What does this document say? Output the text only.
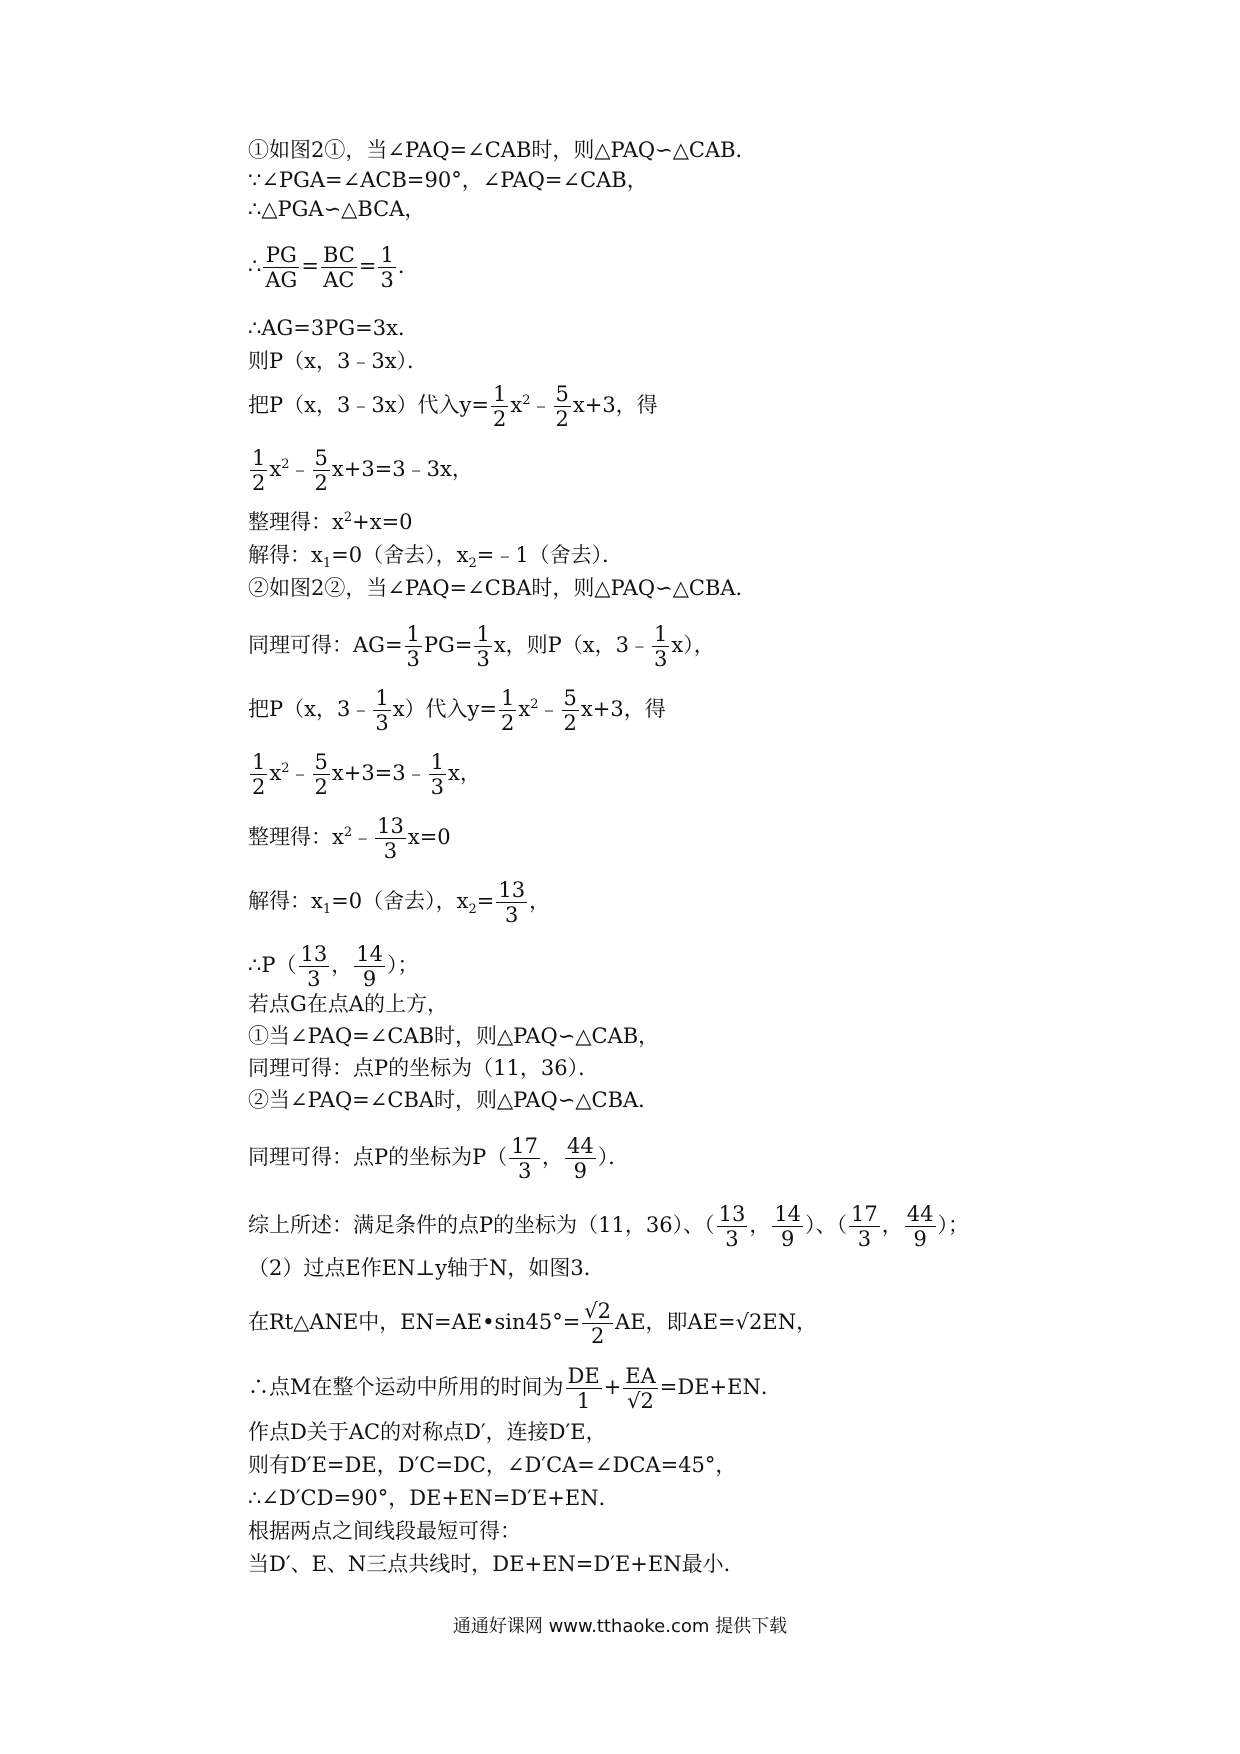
①如图2①，当∠PAQ=∠CAB时，则△PAQ∽△CAB．
∵∠PGA=∠ACB=90°，∠PAQ=∠CAB，
∴△PGA∽△BCA，
∴ $\frac{PG}{AG} = \frac{BC}{AC} = \frac{1}{3}$ ．
∴AG=3PG=3x．
则P（x，3﹣3x）．
把P（x，3﹣3x）代入$y= \frac{1}{2}$ $x^2﹣ \frac{5}{2} x+3$，得
$\frac{1}{2}$ $x^2﹣ \frac{5}{2}$ x+3=3﹣3x，
整理得：$x^2+x=0$
解得：$x_1=0$（舍去），$x_2=﹣1$（舍去）．
②如图2②，当∠PAQ=∠CBA时，则△PAQ∽△CBA．
同理可得：$AG= \frac{1}{3} PG= \frac{1}{3}$ x，则P（x，3﹣ $\frac{1}{3} x$），
把P（x，3﹣ $\frac{1}{3} x$）代入$y= \frac{1}{2}$ $x^2﹣ \frac{5}{2} x+3$，得
$\frac{1}{2}$ $x^2﹣ \frac{5}{2}$ x+3=3﹣ $\frac{1}{3}$ x，
整理得：$x^2﹣ \frac{13}{3} x=0$
解得：$x_1=0$（舍去），$x_2= \frac{13}{3}$ ，
∴P（ $\frac{13}{3}$ ， $\frac{14}{9}$ ）；
若点G在点A的上方，
①当∠PAQ=∠CAB时，则△PAQ∽△CAB，
同理可得：点P的坐标为（11，36）．
②当∠PAQ=∠CBA时，则△PAQ∽△CBA．
同理可得：点P的坐标为$P( \frac{17}{3}$ ， $\frac{44}{9}$ ）．
综上所述：满足条件的点P的坐标为（11，36）、（ $\frac{13}{3}$ ， $\frac{14}{9}$ ）、（ $\frac{17}{3}$ ， $\frac{44}{9}$ ）；
（2）过点E作EN⊥y轴于N，如图3．
在Rt△ANE中，EN=AE•sin45°= $\frac{√2}{2}$ AE，即AE=√2EN，
∴点M在整个运动中所用的时间为 $\frac{DE}{1} + \frac{EA}{√2} =DE+EN$．
作点D关于AC的对称点D′，连接D′E，
则有D′E=DE，D′C=DC，∠D′CA=∠DCA=45°，
∴∠D′CD=90°，DE+EN=D′E+EN．
根据两点之间线段最短可得：
当D′、E、N三点共线时，DE+EN=D′E+EN最小．
通通好课网 www.tthaoke.com 提供下载
